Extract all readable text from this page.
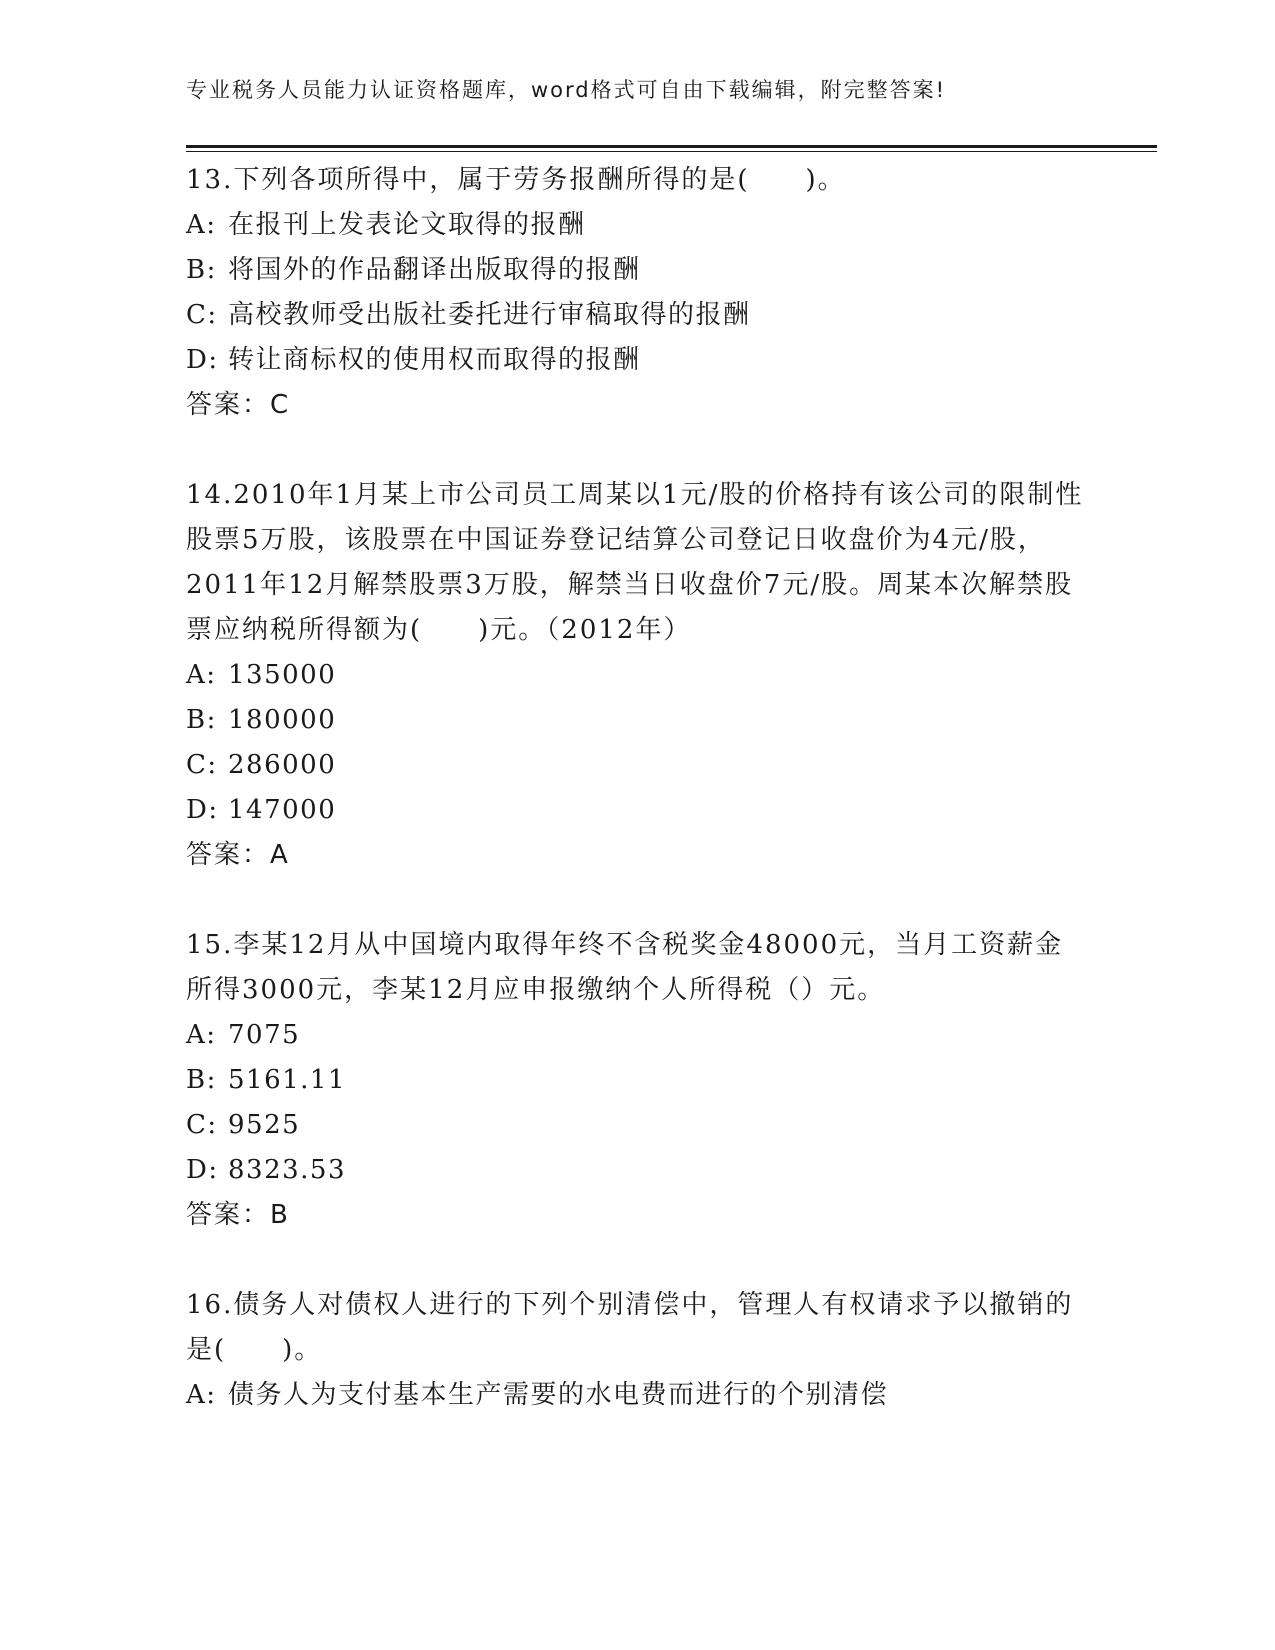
专业税务人员能力认证资格题库，word格式可自由下载编辑，附完整答案!

13.下列各项所得中，属于劳务报酬所得的是(　　)。

A: 在报刊上发表论文取得的报酬

B: 将国外的作品翻译出版取得的报酬

C: 高校教师受出版社委托进行审稿取得的报酬

D: 转让商标权的使用权而取得的报酬

答案：C

14.2010年1月某上市公司员工周某以1元/股的价格持有该公司的限制性股票5万股，该股票在中国证券登记结算公司登记日收盘价为4元/股，2011年12月解禁股票3万股，解禁当日收盘价7元/股。周某本次解禁股票应纳税所得额为(　　)元。（2012年）

A: 135000

B: 180000

C: 286000

D: 147000

答案：A

15.李某12月从中国境内取得年终不含税奖金48000元，当月工资薪金所得3000元，李某12月应申报缴纳个人所得税（）元。

A: 7075

B: 5161.11

C: 9525

D: 8323.53

答案：B

16.债务人对债权人进行的下列个别清偿中，管理人有权请求予以撤销的是(　　)。

A: 债务人为支付基本生产需要的水电费而进行的个别清偿
